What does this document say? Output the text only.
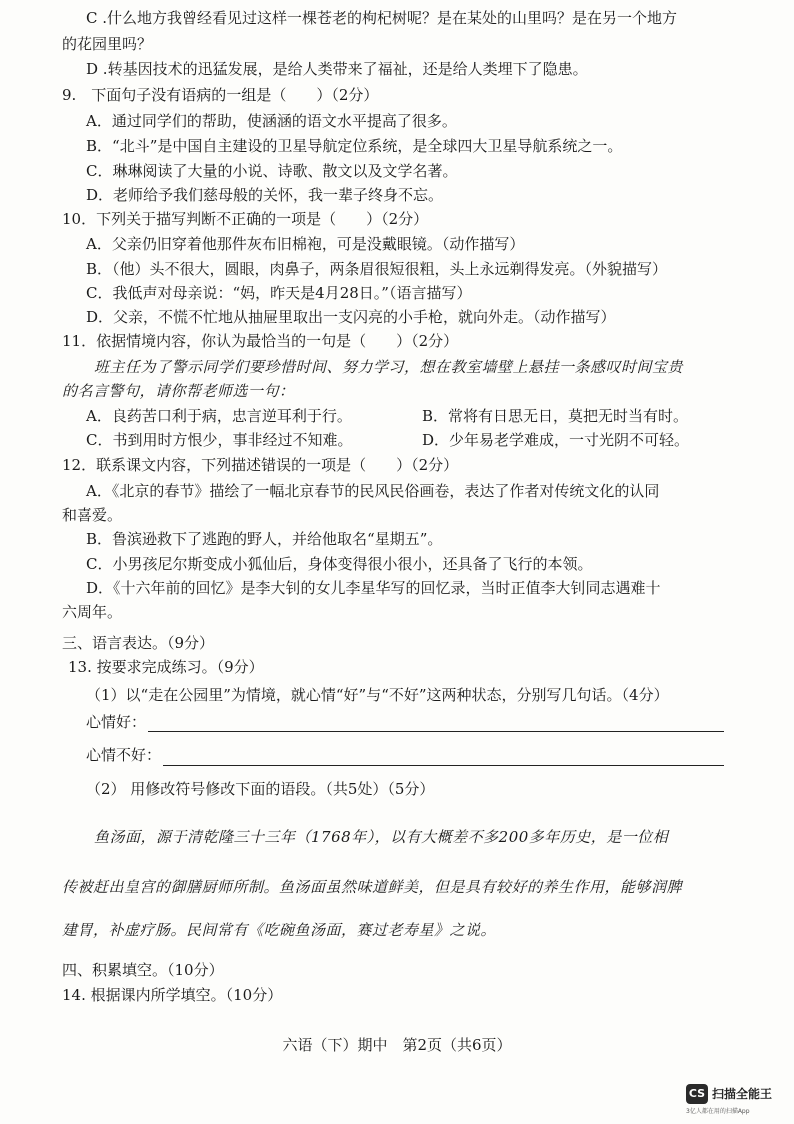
C .什么地方我曾经看见过这样一棵苍老的枸杞树呢？是在某处的山里吗？是在另一个地方
的花园里吗？
D .转基因技术的迅猛发展，是给人类带来了福祉，还是给人类埋下了隐患。
9.　下面句子没有语病的一组是（　　）（2分）
A．通过同学们的帮助，使涵涵的语文水平提高了很多。
B．“北斗”是中国自主建设的卫星导航定位系统，是全球四大卫星导航系统之一。
C．琳琳阅读了大量的小说、诗歌、散文以及文学名著。
D．老师给予我们慈母般的关怀，我一辈子终身不忘。
10．下列关于描写判断不正确的一项是（　　）（2分）
A．父亲仍旧穿着他那件灰布旧棉袍，可是没戴眼镜。（动作描写）
B．（他）头不很大，圆眼，肉鼻子，两条眉很短很粗，头上永远剃得发亮。（外貌描写）
C．我低声对母亲说：“妈，昨天是4月28日。”（语言描写）
D．父亲，不慌不忙地从抽屉里取出一支闪亮的小手枪，就向外走。（动作描写）
11．依据情境内容，你认为最恰当的一句是（　　）（2分）
班主任为了警示同学们要珍惜时间、努力学习，想在教室墙壁上悬挂一条感叹时间宝贵
的名言警句，请你帮老师选一句：
A．良药苦口利于病，忠言逆耳利于行。	B．常将有日思无日，莫把无时当有时。
C．书到用时方恨少，事非经过不知难。	D．少年易老学难成，一寸光阴不可轻。
12．联系课文内容，下列描述错误的一项是（　　）（2分）
A．《北京的春节》描绘了一幅北京春节的民风民俗画卷，表达了作者对传统文化的认同
和喜爱。
B．鲁滨逊救下了逃跑的野人，并给他取名“星期五”。
C．小男孩尼尔斯变成小狐仙后，身体变得很小很小，还具备了飞行的本领。
D．《十六年前的回忆》是李大钊的女儿李星华写的回忆录，当时正值李大钊同志遇难十
六周年。
三、语言表达。（9分）
13. 按要求完成练习。（9分）
（1）以“走在公园里”为情境，就心情“好”与“不好”这两种状态，分别写几句话。（4分）
心情好：
心情不好：
（2） 用修改符号修改下面的语段。（共5处）（5分）
鱼汤面，源于清乾隆三十三年（1768年），以有大概差不多200多年历史，是一位相
传被赶出皇宫的御膳厨师所制。鱼汤面虽然味道鲜美，但是具有较好的养生作用，能够润脾
建胃，补虚疗肠。民间常有《吃碗鱼汤面，赛过老寿星》之说。
四、积累填空。（10分）
14. 根据课内所学填空。（10分）
六语（下）期中　第2页（共6页）
CS 扫描全能王
3亿人都在用的扫描App
